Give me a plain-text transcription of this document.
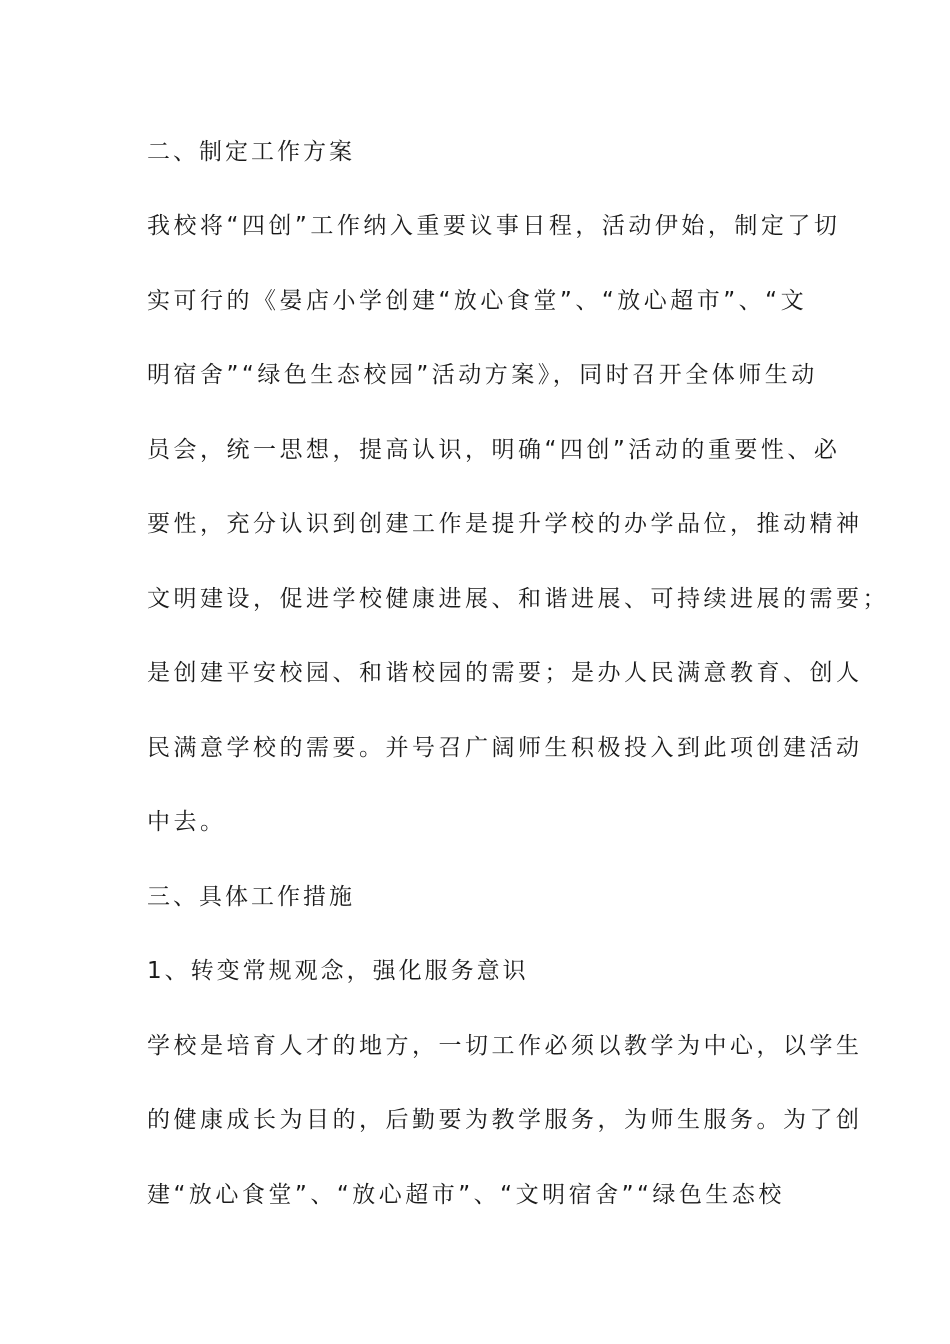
二、制定工作方案
我校将“四创”工作纳入重要议事日程，活动伊始，制定了切
实可行的《晏店小学创建“放心食堂”、“放心超市”、“文
明宿舍”“绿色生态校园”活动方案》，同时召开全体师生动
员会，统一思想，提高认识，明确“四创”活动的重要性、必
要性，充分认识到创建工作是提升学校的办学品位，推动精神
文明建设，促进学校健康进展、和谐进展、可持续进展的需要；
是创建平安校园、和谐校园的需要；是办人民满意教育、创人
民满意学校的需要。并号召广阔师生积极投入到此项创建活动
中去。
三、具体工作措施
1、转变常规观念，强化服务意识
学校是培育人才的地方，一切工作必须以教学为中心，以学生
的健康成长为目的，后勤要为教学服务，为师生服务。为了创
建“放心食堂”、“放心超市”、“文明宿舍”“绿色生态校
